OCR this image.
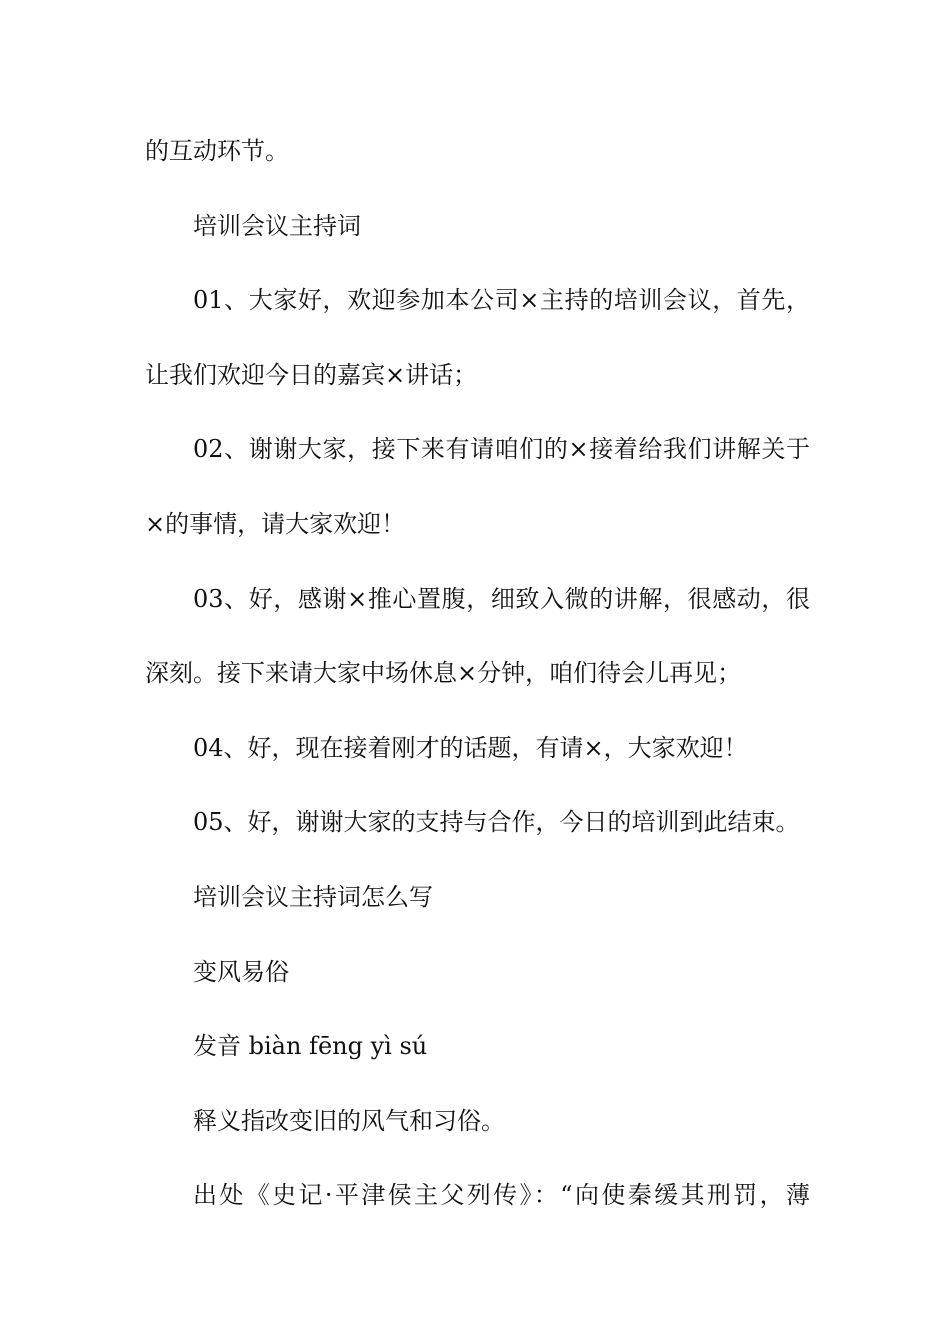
的互动环节。
培训会议主持词
01、大家好，欢迎参加本公司×主持的培训会议，首先，
让我们欢迎今日的嘉宾×讲话；
02、谢谢大家，接下来有请咱们的×接着给我们讲解关于
×的事情，请大家欢迎！
03、好，感谢×推心置腹，细致入微的讲解，很感动，很
深刻。接下来请大家中场休息×分钟，咱们待会儿再见；
04、好，现在接着刚才的话题，有请×，大家欢迎！
05、好，谢谢大家的支持与合作，今日的培训到此结束。
培训会议主持词怎么写
变风易俗
发音 biàn fēng yì sú
释义指改变旧的风气和习俗。
出处《史记·平津侯主父列传》：“向使秦缓其刑罚，薄
